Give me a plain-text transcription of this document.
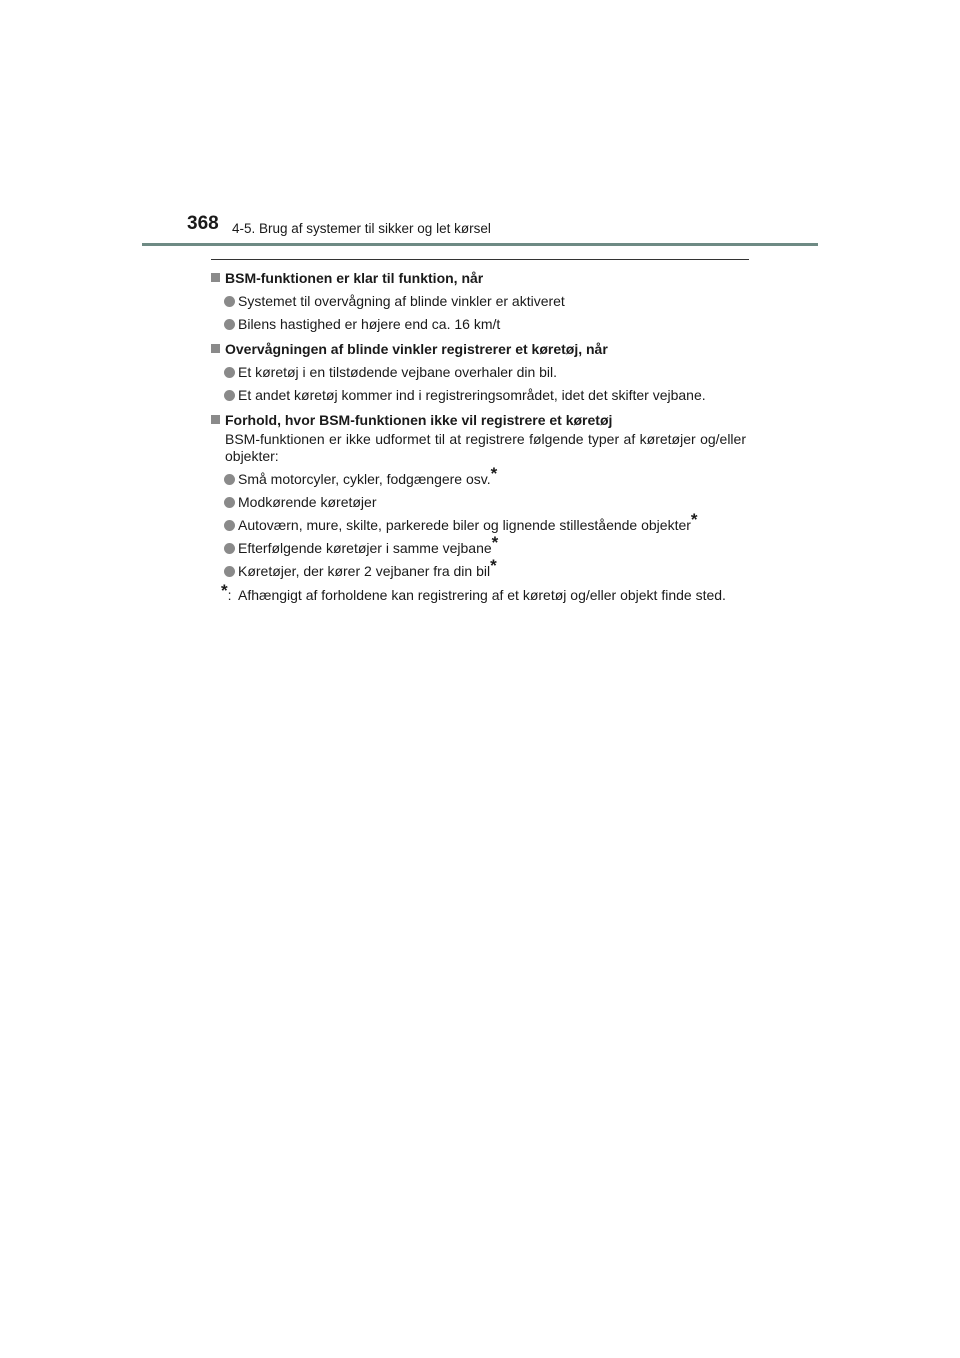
368 4-5. Brug af systemer til sikker og let kørsel
BSM-funktionen er klar til funktion, når
Systemet til overvågning af blinde vinkler er aktiveret
Bilens hastighed er højere end ca. 16 km/t
Overvågningen af blinde vinkler registrerer et køretøj, når
Et køretøj i en tilstødende vejbane overhaler din bil.
Et andet køretøj kommer ind i registreringsområdet, idet det skifter vejbane.
Forhold, hvor BSM-funktionen ikke vil registrere et køretøj
BSM-funktionen er ikke udformet til at registrere følgende typer af køretøjer og/eller objekter:
Små motorcyler, cykler, fodgængere osv.*
Modkørende køretøjer
Autoværn, mure, skilte, parkerede biler og lignende stillestående objekter*
Efterfølgende køretøjer i samme vejbane*
Køretøjer, der kører 2 vejbaner fra din bil*
*: Afhængigt af forholdene kan registrering af et køretøj og/eller objekt finde sted.
